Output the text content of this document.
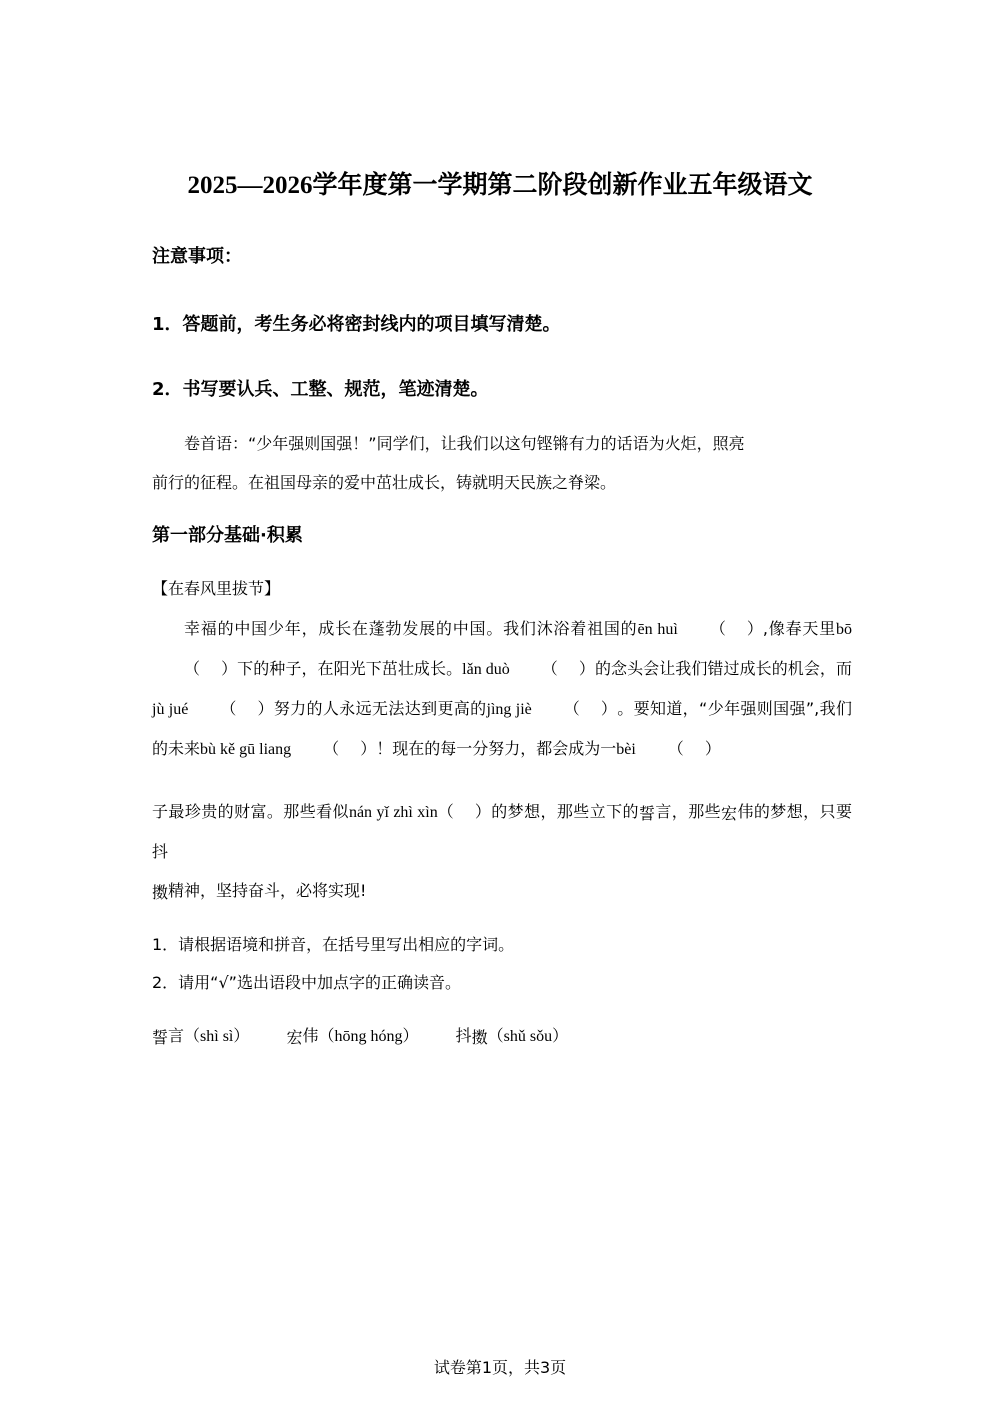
2025—2026学年度第一学期第二阶段创新作业五年级语文
注意事项：
1．答题前，考生务必将密封线内的项目填写清楚。
2．书写要认兵、工整、规范，笔迹清楚。
卷首语：“少年强则国强！”同学们，让我们以这句铿锵有力的话语为火炬，照亮
前行的征程。在祖国母亲的爱中茁壮成长，铸就明天民族之脊梁。
第一部分基础·积累
【在春风里拔节】
幸福的中国少年，成长在蓬勃发展的中国。我们沐浴着祖国的ēn huì （　 ）,像春天里bō（　 ）下的种子，在阳光下茁壮成长。lǎn duò （　 ）的念头会让我们错过成长的机会，而jù jué （　 ）努力的人永远无法达到更高的jìng jiè （　 ）。要知道，“少年强则国强”,我们的未来bù kě gū liang （　 ）！现在的每一分努力，都会成为一bèi （　 ）
子最珍贵的财富。那些看似nán yǐ zhì xìn（　 ）的梦想，那些立下的誓言，那些宏伟的梦想，只要抖
擞精神，坚持奋斗，必将实现!
1．请根据语境和拼音，在括号里写出相应的字词。
2．请用“√”选出语段中加点字的正确读音。
誓言（shì sì） 宏伟（hōng hóng） 抖擞（shǔ sǒu）
试卷第1页，共3页
